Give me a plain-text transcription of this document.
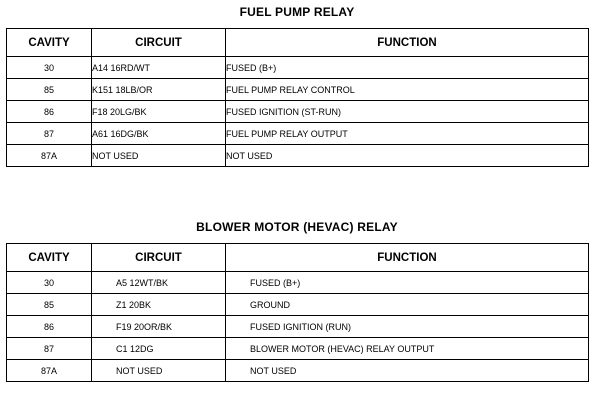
FUEL PUMP RELAY
CAVITY	CIRCUIT	FUNCTION
30	A14 16RD/WT	FUSED (B+)
85	K151 18LB/OR	FUEL PUMP RELAY CONTROL
86	F18 20LG/BK	FUSED IGNITION (ST-RUN)
87	A61 16DG/BK	FUEL PUMP RELAY OUTPUT
87A	NOT USED	NOT USED
BLOWER MOTOR (HEVAC) RELAY
CAVITY	CIRCUIT	FUNCTION
30	A5 12WT/BK	FUSED (B+)
85	Z1 20BK	GROUND
86	F19 20OR/BK	FUSED IGNITION (RUN)
87	C1 12DG	BLOWER MOTOR (HEVAC) RELAY OUTPUT
87A	NOT USED	NOT USED
